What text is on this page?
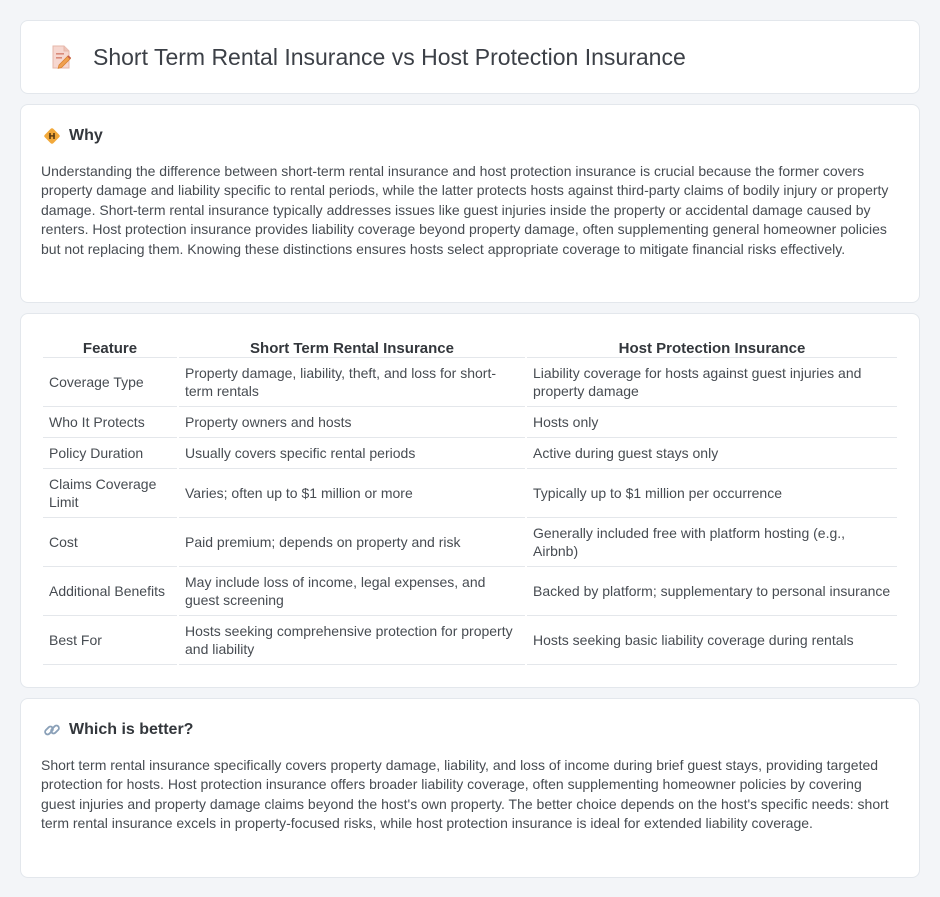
Short Term Rental Insurance vs Host Protection Insurance
Why

Understanding the difference between short-term rental insurance and host protection insurance is crucial because the former covers property damage and liability specific to rental periods, while the latter protects hosts against third-party claims of bodily injury or property damage. Short-term rental insurance typically addresses issues like guest injuries inside the property or accidental damage caused by renters. Host protection insurance provides liability coverage beyond property damage, often supplementing general homeowner policies but not replacing them. Knowing these distinctions ensures hosts select appropriate coverage to mitigate financial risks effectively.

Feature	Short Term Rental Insurance	Host Protection Insurance
Coverage Type	Property damage, liability, theft, and loss for short-term rentals	Liability coverage for hosts against guest injuries and property damage
Who It Protects	Property owners and hosts	Hosts only
Policy Duration	Usually covers specific rental periods	Active during guest stays only
Claims Coverage Limit	Varies; often up to $1 million or more	Typically up to $1 million per occurrence
Cost	Paid premium; depends on property and risk	Generally included free with platform hosting (e.g., Airbnb)
Additional Benefits	May include loss of income, legal expenses, and guest screening	Backed by platform; supplementary to personal insurance
Best For	Hosts seeking comprehensive protection for property and liability	Hosts seeking basic liability coverage during rentals
Which is better?

Short term rental insurance specifically covers property damage, liability, and loss of income during brief guest stays, providing targeted protection for hosts. Host protection insurance offers broader liability coverage, often supplementing homeowner policies by covering guest injuries and property damage claims beyond the host's own property. The better choice depends on the host's specific needs: short term rental insurance excels in property-focused risks, while host protection insurance is ideal for extended liability coverage.
